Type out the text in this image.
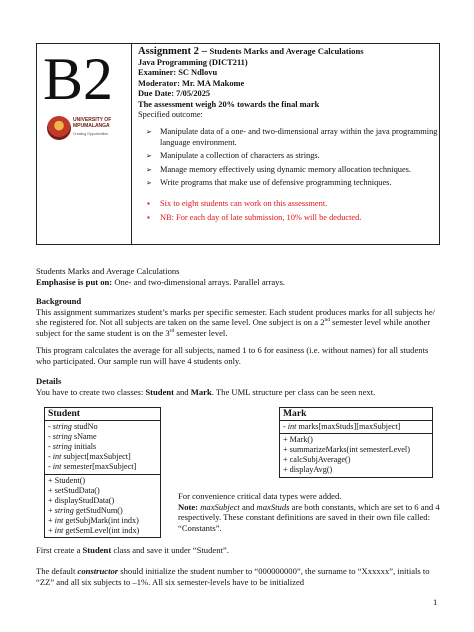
B2
UNIVERSITY OF MPUMALANGA
Creating Opportunities
Assignment 2 – Students Marks and Average Calculations
Java Programming (DICT211)
Examiner: SC Ndlovu
Moderator: Mr. MA Makome
Due Date: 7/05/2025
The assessment weigh 20% towards the final mark
Specified outcome:
➢ Manipulate data of a one- and two-dimensional array within the java programming language environment.
➢ Manipulate a collection of characters as strings.
➢ Manage memory effectively using dynamic memory allocation techniques.
➢ Write programs that make use of defensive programming techniques.
▪ Six to eight students can work on this assessment.
▪ NB: For each day of late submission, 10% will be deducted.
Students Marks and Average Calculations
Emphasise is put on: One- and two-dimensional arrays. Parallel arrays.
Background
This assignment summarizes student’s marks per specific semester. Each student produces marks for all subjects he/ she registered for. Not all subjects are taken on the same level. One subject is on a 2nd semester level while another subject for the same student is on the 3rd semester level.
This program calculates the average for all subjects, named 1 to 6 for easiness (i.e. without names) for all students who participated. Our sample run will have 4 students only.
Details
You have to create two classes: Student and Mark. The UML structure per class can be seen next.
Student
- string studNo
- string sName
- string initials
- int subject[maxSubject]
- int semester[maxSubject]
+ Student()
+ setStudData()
+ displayStudData()
+ string getStudNum()
+ int getSubjMark(int indx)
+ int getSemLevel(int indx)
Mark
- int marks[maxStuds][maxSubject]
+ Mark()
+ summarizeMarks(int semesterLevel)
+ calcSubjAverage()
+ displayAvg()
For convenience critical data types were added.
Note: maxSubject and maxStuds are both constants, which are set to 6 and 4 respectively. These constant definitions are saved in their own file called: “Constants”.
First create a Student class and save it under “Student”.
The default constructor should initialize the student number to “000000000”, the surname to “Xxxxxx”, initials to “ZZ” and all six subjects to –1%. All six semester-levels have to be initialized
1
